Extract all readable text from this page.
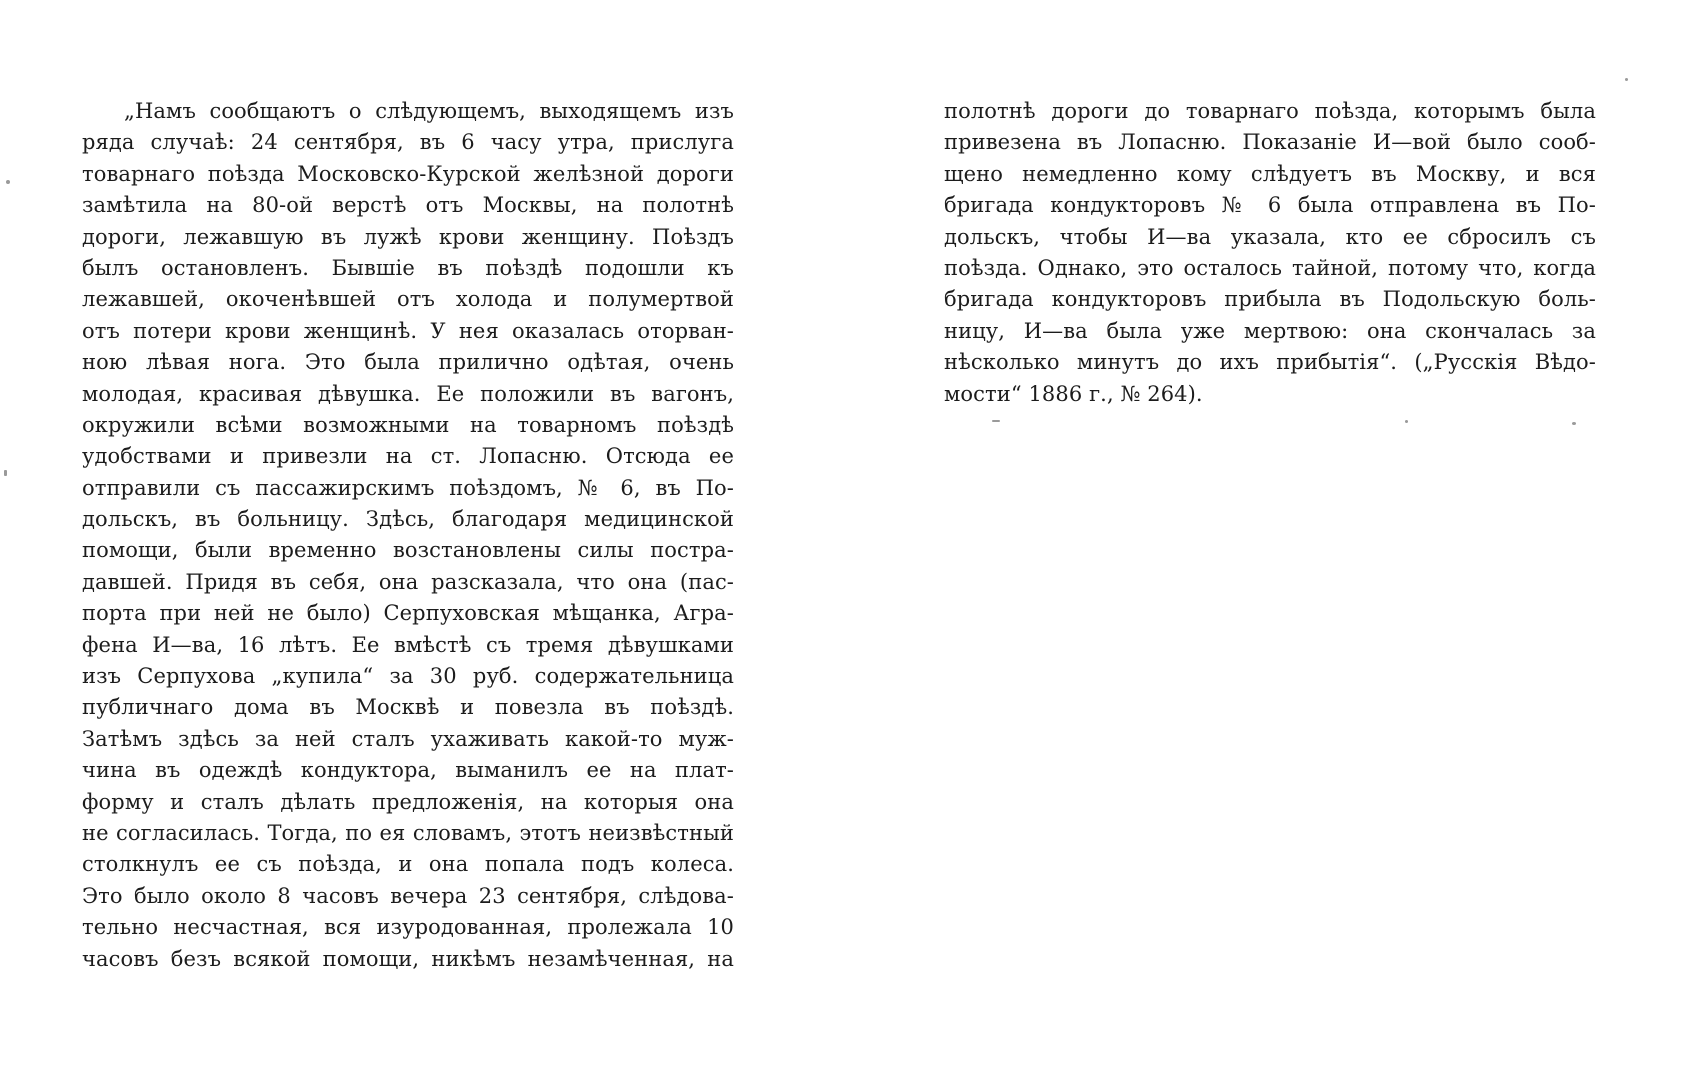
„Намъ сообщаютъ о слѣдующемъ, выходящемъ изъ
ряда случаѣ: 24 сентября, въ 6 часу утра, прислуга
товарнаго поѣзда Московско-Курской желѣзной дороги
замѣтила на 80-ой верстѣ отъ Москвы, на полотнѣ
дороги, лежавшую въ лужѣ крови женщину. Поѣздъ
былъ остановленъ. Бывшіе въ поѣздѣ подошли къ
лежавшей, окоченѣвшей отъ холода и полумертвой
отъ потери крови женщинѣ. У нея оказалась оторван-
ною лѣвая нога. Это была прилично одѣтая, очень
молодая, красивая дѣвушка. Ее положили въ вагонъ,
окружили всѣми возможными на товарномъ поѣздѣ
удобствами и привезли на ст. Лопасню. Отсюда ее
отправили съ пассажирскимъ поѣздомъ, № 6, въ По-
дольскъ, въ больницу. Здѣсь, благодаря медицинской
помощи, были временно возстановлены силы постра-
давшей. Придя въ себя, она разсказала, что она (пас-
порта при ней не было) Серпуховская мѣщанка, Агра-
фена И—ва, 16 лѣтъ. Ее вмѣстѣ съ тремя дѣвушками
изъ Серпухова „купила“ за 30 руб. содержательница
публичнаго дома въ Москвѣ и повезла въ поѣздѣ.
Затѣмъ здѣсь за ней сталъ ухаживать какой-то муж-
чина въ одеждѣ кондуктора, выманилъ ее на плат-
форму и сталъ дѣлать предложенія, на которыя она
не согласилась. Тогда, по ея словамъ, этотъ неизвѣстный
столкнулъ ее съ поѣзда, и она попала подъ колеса.
Это было около 8 часовъ вечера 23 сентября, слѣдова-
тельно несчастная, вся изуродованная, пролежала 10
часовъ безъ всякой помощи, никѣмъ незамѣченная, на
полотнѣ дороги до товарнаго поѣзда, которымъ была
привезена въ Лопасню. Показаніе И—вой было сооб-
щено немедленно кому слѣдуетъ въ Москву, и вся
бригада кондукторовъ № 6 была отправлена въ По-
дольскъ, чтобы И—ва указала, кто ее сбросилъ съ
поѣзда. Однако, это осталось тайной, потому что, когда
бригада кондукторовъ прибыла въ Подольскую боль-
ницу, И—ва была уже мертвою: она скончалась за
нѣсколько минутъ до ихъ прибытія“. („Русскія Вѣдо-
мости“ 1886 г., № 264).
